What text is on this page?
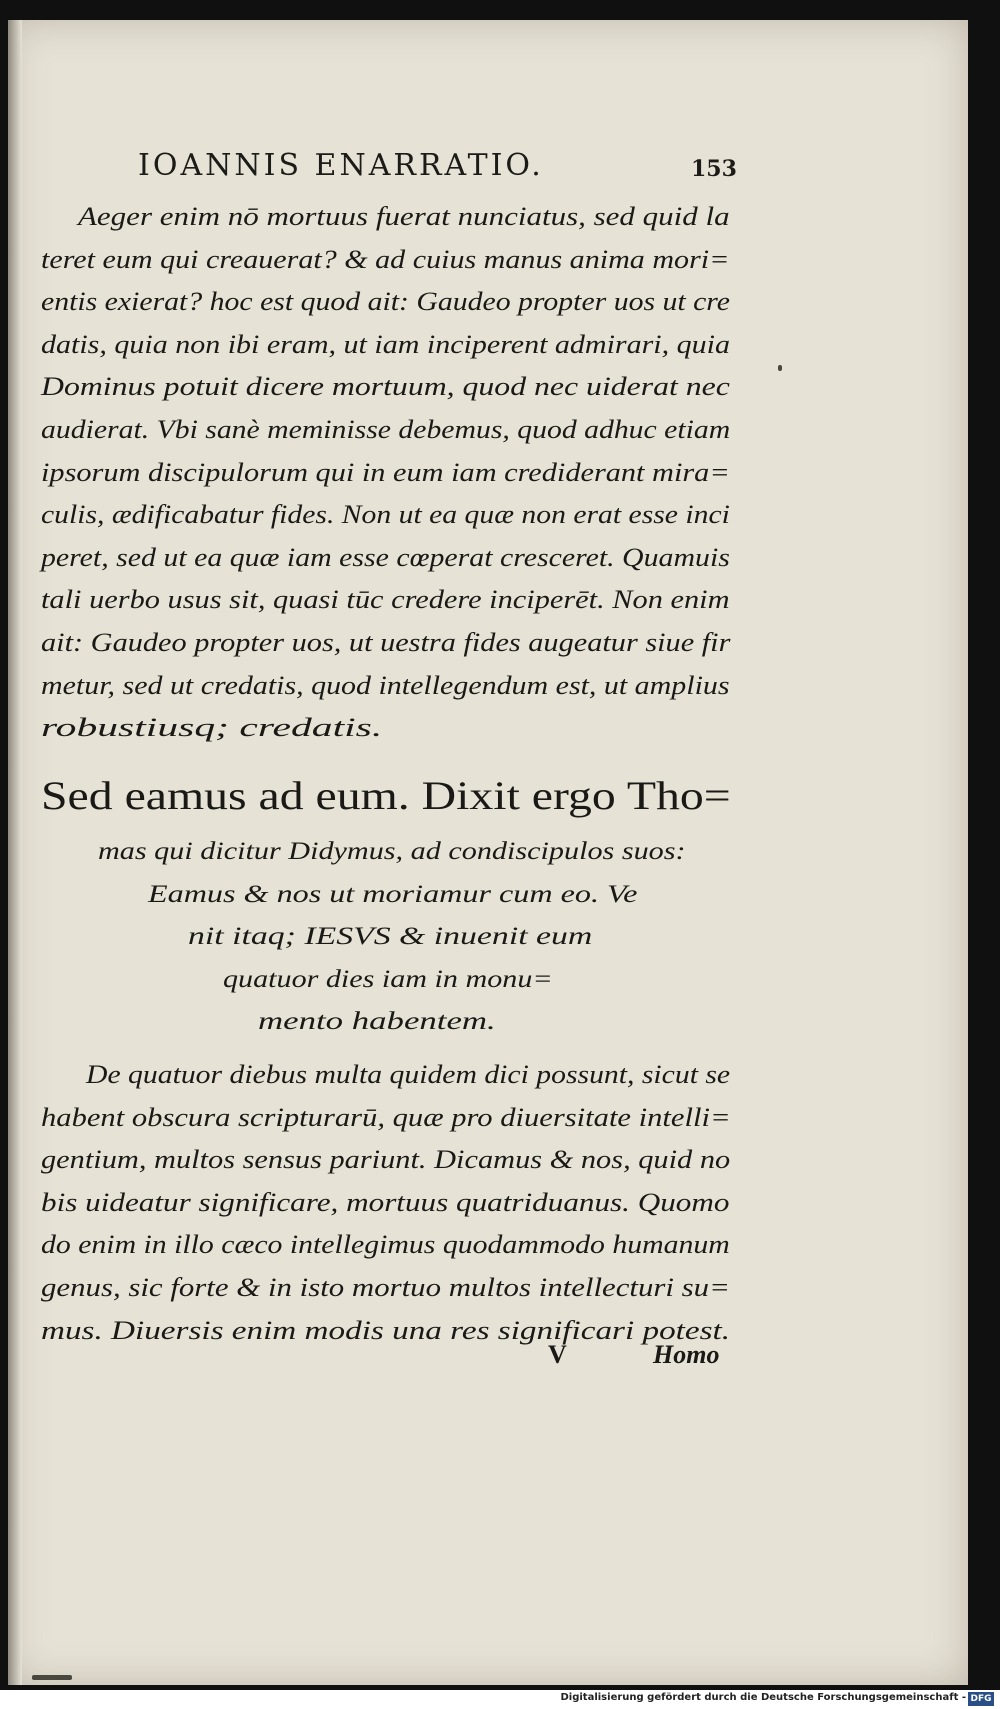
IOANNIS ENARRATIO.	153
Aeger enim nō mortuus fuerat nunciatus, sed quid la
teret eum qui creauerat? & ad cuius manus anima mori=
entis exierat? hoc est quod ait: Gaudeo propter uos ut cre
datis, quia non ibi eram, ut iam inciperent admirari, quia
Dominus potuit dicere mortuum, quod nec uiderat nec
audierat. Vbi sanè meminisse debemus, quod adhuc etiam
ipsorum discipulorum qui in eum iam crediderant mira=
culis, ædificabatur fides. Non ut ea quæ non erat esse inci
peret, sed ut ea quæ iam esse cœperat cresceret. Quamuis
tali uerbo usus sit, quasi tūc credere inciperēt. Non enim
ait: Gaudeo propter uos, ut uestra fides augeatur siue fir
metur, sed ut credatis, quod intellegendum est, ut amplius
robustiusq; credatis.
Sed eamus ad eum. Dixit ergo Tho=
mas qui dicitur Didymus, ad condiscipulos suos:
Eamus & nos ut moriamur cum eo. Ve
nit itaq; IESVS & inuenit eum
quatuor dies iam in monu=
mento habentem.
De quatuor diebus multa quidem dici possunt, sicut se
habent obscura scripturarū, quæ pro diuersitate intelli=
gentium, multos sensus pariunt. Dicamus & nos, quid no
bis uideatur significare, mortuus quatriduanus. Quomo
do enim in illo cæco intellegimus quodammodo humanum
genus, sic forte & in isto mortuo multos intellecturi su=
mus. Diuersis enim modis una res significari potest.
V	Homo
Digitalisierung gefördert durch die Deutsche Forschungsgemeinschaft - DFG
